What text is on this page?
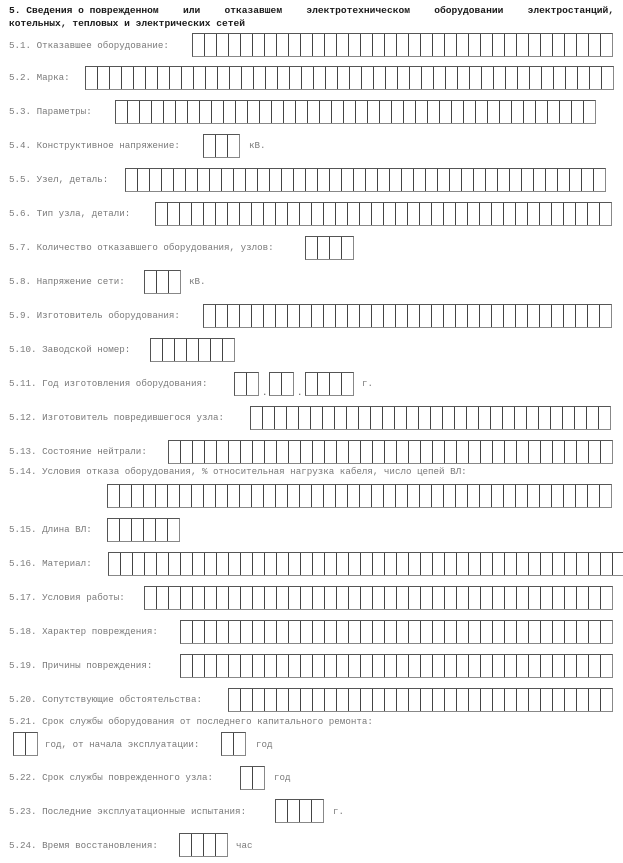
5. Сведения о поврежденном	или	отказавшем	электротехническом	оборудовании	электростанций,
котельных, тепловых и электрических сетей
5.1. Отказавшее оборудование:
5.2. Марка:
5.3. Параметры:
5.4. Конструктивное напряжение:	кВ.
5.5. Узел, деталь:
5.6. Тип узла, детали:
5.7. Количество отказавшего оборудования, узлов:
5.8. Напряжение сети:	кВ.
5.9. Изготовитель оборудования:
5.10. Заводской номер:
5.11. Год изготовления оборудования:
.	.
г.
5.12. Изготовитель повредившегося узла:
5.13. Состояние нейтрали:
5.14. Условия отказа оборудования, % относительная нагрузка кабеля, число цепей ВЛ:
5.15. Длина ВЛ:
5.16. Материал:
5.17. Условия работы:
5.18. Характер повреждения:
5.19. Причины повреждения:
5.20. Сопутствующие обстоятельства:
5.21. Срок службы оборудования от последнего капитального ремонта:
год, от начала эксплуатации:	год
5.22. Срок службы поврежденного узла:	год
5.23. Последние эксплуатационные испытания:	г.
5.24. Время восстановления:	час
